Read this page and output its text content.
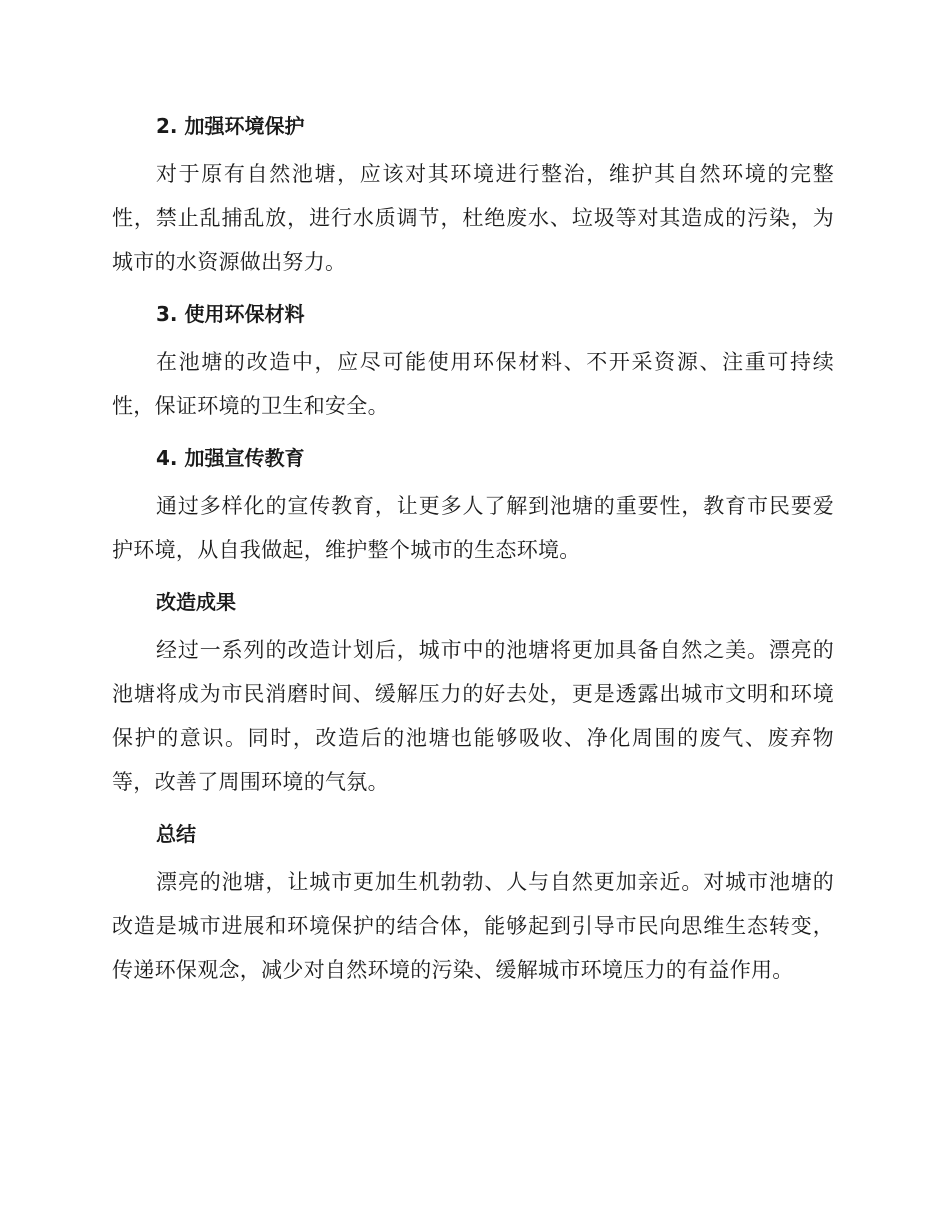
2. 加强环境保护

对于原有自然池塘，应该对其环境进行整治，维护其自然环境的完整性，禁止乱捕乱放，进行水质调节，杜绝废水、垃圾等对其造成的污染，为城市的水资源做出努力。

3. 使用环保材料

在池塘的改造中，应尽可能使用环保材料、不开采资源、注重可持续性，保证环境的卫生和安全。

4. 加强宣传教育

通过多样化的宣传教育，让更多人了解到池塘的重要性，教育市民要爱护环境，从自我做起，维护整个城市的生态环境。

改造成果

经过一系列的改造计划后，城市中的池塘将更加具备自然之美。漂亮的池塘将成为市民消磨时间、缓解压力的好去处，更是透露出城市文明和环境保护的意识。同时，改造后的池塘也能够吸收、净化周围的废气、废弃物等，改善了周围环境的气氛。

总结

漂亮的池塘，让城市更加生机勃勃、人与自然更加亲近。对城市池塘的改造是城市进展和环境保护的结合体，能够起到引导市民向思维生态转变，传递环保观念，减少对自然环境的污染、缓解城市环境压力的有益作用。
